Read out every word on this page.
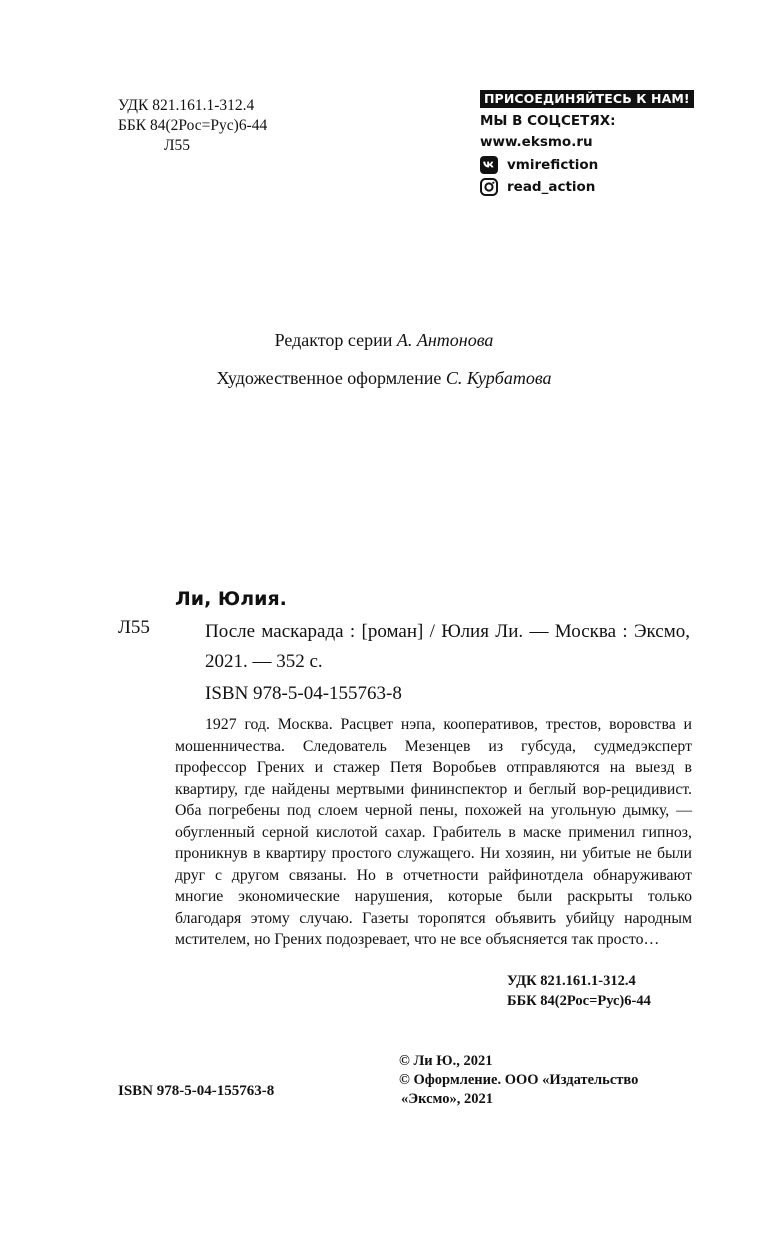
УДК 821.161.1-312.4
ББК 84(2Рос=Рус)6-44
Л55
ПРИСОЕДИНЯЙТЕСЬ К НАМ!
МЫ В СОЦСЕТЯХ:
www.eksmo.ru
vmirefiction
read_action
Редактор серии А. Антонова
Художественное оформление С. Курбатова
Ли, Юлия.
Л55	После маскарада : [роман] / Юлия Ли. — Москва : Эксмо, 2021. — 352 с.
ISBN 978-5-04-155763-8
1927 год. Москва. Расцвет нэпа, кооперативов, трестов, воровства и мошенничества. Следователь Мезенцев из губсуда, судмедэксперт профессор Грених и стажер Петя Воробьев отправляются на выезд в квартиру, где найдены мертвыми фининспектор и беглый вор-рецидивист. Оба погребены под слоем черной пены, похожей на угольную дымку, — обугленный серной кислотой сахар. Грабитель в маске применил гипноз, проникнув в квартиру простого служащего. Ни хозяин, ни убитые не были друг с другом связаны. Но в отчетности райфинотдела обнаруживают многие экономические нарушения, которые были раскрыты только благодаря этому случаю. Газеты торопятся объявить убийцу народным мстителем, но Грених подозревает, что не все объясняется так просто…
УДК 821.161.1-312.4
ББК 84(2Рос=Рус)6-44
ISBN 978-5-04-155763-8
© Ли Ю., 2021
© Оформление. ООО «Издательство
«Эксмо», 2021
